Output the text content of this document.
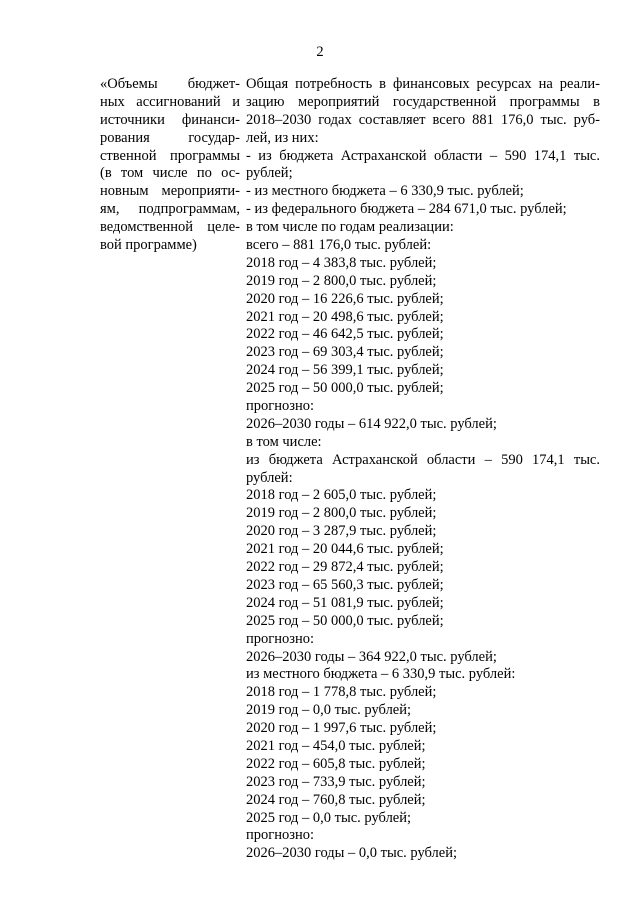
2
«Объемы бюджет-
ных ассигнований и
источники финанси-
рования государ-
ственной программы
(в том числе по ос-
новным мероприяти-
ям, подпрограммам,
ведомственной целе-
вой программе)
Общая потребность в финансовых ресурсах на реали-
зацию мероприятий государственной программы в
2018–2030 годах составляет всего 881 176,0 тыс. руб-
лей, из них:
- из бюджета Астраханской области – 590 174,1 тыс.
рублей;
- из местного бюджета – 6 330,9 тыс. рублей;
- из федерального бюджета – 284 671,0 тыс. рублей;
в том числе по годам реализации:
всего – 881 176,0 тыс. рублей:
2018 год – 4 383,8 тыс. рублей;
2019 год – 2 800,0 тыс. рублей;
2020 год – 16 226,6 тыс. рублей;
2021 год – 20 498,6 тыс. рублей;
2022 год – 46 642,5 тыс. рублей;
2023 год – 69 303,4 тыс. рублей;
2024 год – 56 399,1 тыс. рублей;
2025 год – 50 000,0 тыс. рублей;
прогнозно:
2026–2030 годы – 614 922,0 тыс. рублей;
в том числе:
из бюджета Астраханской области – 590 174,1 тыс.
рублей:
2018 год – 2 605,0 тыс. рублей;
2019 год – 2 800,0 тыс. рублей;
2020 год – 3 287,9 тыс. рублей;
2021 год – 20 044,6 тыс. рублей;
2022 год – 29 872,4 тыс. рублей;
2023 год – 65 560,3 тыс. рублей;
2024 год – 51 081,9 тыс. рублей;
2025 год – 50 000,0 тыс. рублей;
прогнозно:
2026–2030 годы – 364 922,0 тыс. рублей;
из местного бюджета – 6 330,9 тыс. рублей:
2018 год – 1 778,8 тыс. рублей;
2019 год – 0,0 тыс. рублей;
2020 год – 1 997,6 тыс. рублей;
2021 год – 454,0 тыс. рублей;
2022 год – 605,8 тыс. рублей;
2023 год – 733,9 тыс. рублей;
2024 год – 760,8 тыс. рублей;
2025 год – 0,0 тыс. рублей;
прогнозно:
2026–2030 годы – 0,0 тыс. рублей;
